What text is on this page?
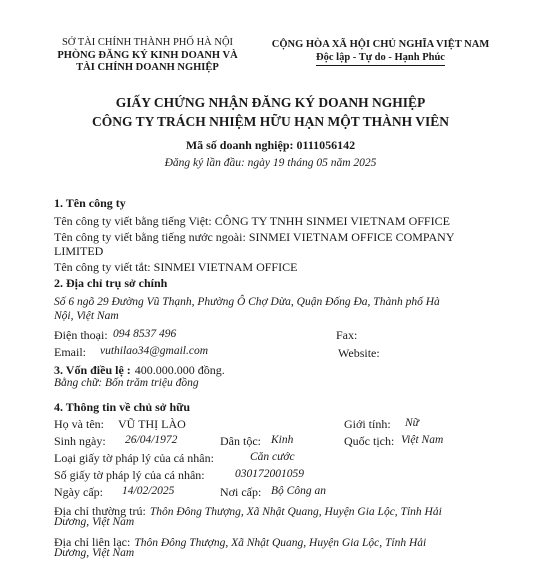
SỞ TÀI CHÍNH THÀNH PHỐ HÀ NỘI
PHÒNG ĐĂNG KÝ KINH DOANH VÀ
TÀI CHÍNH DOANH NGHIỆP
CỘNG HÒA XÃ HỘI CHỦ NGHĨA VIỆT NAM
Độc lập - Tự do - Hạnh Phúc
GIẤY CHỨNG NHẬN ĐĂNG KÝ DOANH NGHIỆP
CÔNG TY TRÁCH NHIỆM HỮU HẠN MỘT THÀNH VIÊN
Mã số doanh nghiệp: 0111056142
Đăng ký lần đầu: ngày 19 tháng 05 năm 2025
1. Tên công ty
Tên công ty viết bằng tiếng Việt: CÔNG TY TNHH SINMEI VIETNAM OFFICE
Tên công ty viết bằng tiếng nước ngoài: SINMEI VIETNAM OFFICE COMPANY
LIMITED
Tên công ty viết tắt: SINMEI VIETNAM OFFICE
2. Địa chỉ trụ sở chính
Số 6 ngõ 29 Đường Vũ Thạnh, Phường Ô Chợ Dừa, Quận Đống Đa, Thành phố Hà
Nội, Việt Nam
Điện thoại: 094 8537 496	Fax:
Email: vuthilao34@gmail.com	Website:
3. Vốn điều lệ : 400.000.000 đồng.
Bằng chữ: Bốn trăm triệu đồng
4. Thông tin về chủ sở hữu
Họ và tên: VŨ THỊ LÀO	Giới tính: Nữ
Sinh ngày: 26/04/1972	Dân tộc: Kinh	Quốc tịch: Việt Nam
Loại giấy tờ pháp lý của cá nhân:	Căn cước
Số giấy tờ pháp lý của cá nhân:	030172001059
Ngày cấp: 14/02/2025	Nơi cấp: Bộ Công an
Địa chỉ thường trú: Thôn Đông Thượng, Xã Nhật Quang, Huyện Gia Lộc, Tỉnh Hải
Dương, Việt Nam
Địa chỉ liên lạc: Thôn Đông Thượng, Xã Nhật Quang, Huyện Gia Lộc, Tỉnh Hải
Dương, Việt Nam
